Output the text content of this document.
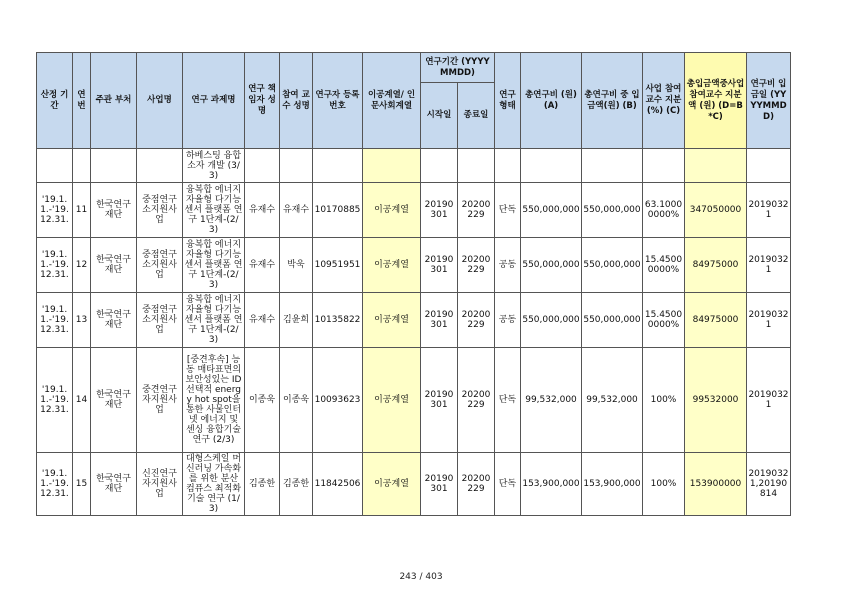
산정 기간	연번	주관 부처	사업명	연구 과제명	연구 책임자 성명	참여 교수 성명	연구자 등록번호	이공계열/ 인문사회계열	연구기간 (YYYYMMDD)		연구 형태	총연구비 (원) (A)	총연구비 중 입금액(원) (B)	사업 참여 교수 지분(%) (C)	총입금액중사업참여교수 지분액 (원) (D=B*C)	연구비 입금일 (YYYYMMDD)
									시작일	종료일						
				하베스팅 융합소자 개발 (3/3)												
'19.1.1.-'19.12.31.	11	한국연구재단	중점연구소지원사업	융복합 에너지 자율형 다기능 센서 플랫폼 연구 1단계-(2/3)	유재수	유재수	10170885	이공계열	20190301	20200229	단독	550,000,000	550,000,000	63.1000 0000%	347050000	20190321
'19.1.1.-'19.12.31.	12	한국연구재단	중점연구소지원사업	융복합 에너지 자율형 다기능 센서 플랫폼 연구 1단계-(2/3)	유재수	박욱	10951951	이공계열	20190301	20200229	공동	550,000,000	550,000,000	15.4500 0000%	84975000	20190321
'19.1.1.-'19.12.31.	13	한국연구재단	중점연구소지원사업	융복합 에너지 자율형 다기능 센서 플랫폼 연구 1단계-(2/3)	유재수	김윤희	10135822	이공계열	20190301	20200229	공동	550,000,000	550,000,000	15.4500 0000%	84975000	20190321
'19.1.1.-'19.12.31.	14	한국연구재단	중견연구자지원사업	[중견후속] 능동 매타표면의 보안성있는 ID 선택적 energy hot spot을 통한 사물인터넷 에너지 및 센싱 융합기술 연구 (2/3)	이종욱	이종욱	10093623	이공계열	20190301	20200229	단독	99,532,000	99,532,000	100%	99532000	20190321
'19.1.1.-'19.12.31.	15	한국연구재단	신진연구자지원사업	대형스케일 머신러닝 가속화를 위한 분산 컴퓨스 최적화 기술 연구 (1/3)	김종한	김종한	11842506	이공계열	20190301	20200229	단독	153,900,000	153,900,000	100%	153900000	20190321,20190814
243 / 403
